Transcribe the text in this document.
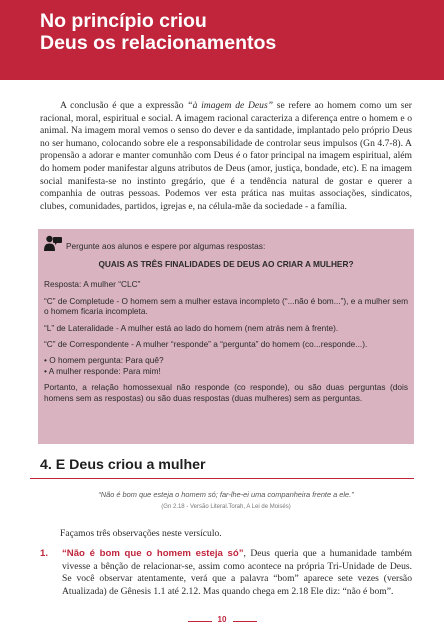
No princípio criou
Deus os relacionamentos

A conclusão é que a expressão “à imagem de Deus” se refere ao homem como um ser racional, moral, espiritual e social. A imagem racional caracteriza a diferença entre o homem e o animal. Na imagem moral vemos o senso do dever e da santidade, implantado pelo próprio Deus no ser humano, colocando sobre ele a responsabilidade de controlar seus impulsos (Gn 4.7-8). A propensão a adorar e manter comunhão com Deus é o fator principal na imagem espiritual, além do homem poder manifestar alguns atributos de Deus (amor, justiça, bondade, etc). E na imagem social manifesta-se no instinto gregário, que é a tendência natural de gostar e querer a companhia de outras pessoas. Podemos ver esta prática nas muitas associações, sindicatos, clubes, comunidades, partidos, igrejas e, na célula-mãe da sociedade - a família.

Pergunte aos alunos e espere por algumas respostas:

QUAIS AS TRÊS FINALIDADES DE DEUS AO CRIAR A MULHER?

Resposta: A mulher “CLC”

“C” de Completude - O homem sem a mulher estava incompleto (“...não é bom...”), e a mulher sem o homem ficaria incompleta.

“L” de Lateralidade - A mulher está ao lado do homem (nem atrás nem à frente).

“C” de Correspondente - A mulher “responde” a “pergunta” do homem (co...responde...).

• O homem pergunta: Para quê?

• A mulher responde: Para mim!

Portanto, a relação homossexual não responde (co responde), ou são duas perguntas (dois homens sem as respostas) ou são duas respostas (duas mulheres) sem as perguntas.

4. E Deus criou a mulher

“Não é bom que esteja o homem só; far-lhe-ei uma companheira frente a ele.”

(Gn 2.18 - Versão Literal.Torah, A Lei de Moisés)

Façamos três observações neste versículo.

1.	“Não é bom que o homem esteja só”, Deus queria que a humanidade também vivesse a bênção de relacionar-se, assim como acontece na própria Tri-Unidade de Deus. Se você observar atentamente, verá que a palavra “bom” aparece sete vezes (versão Atualizada) de Gênesis 1.1 até 2.12. Mas quando chega em 2.18 Ele diz: “não é bom”.
10
